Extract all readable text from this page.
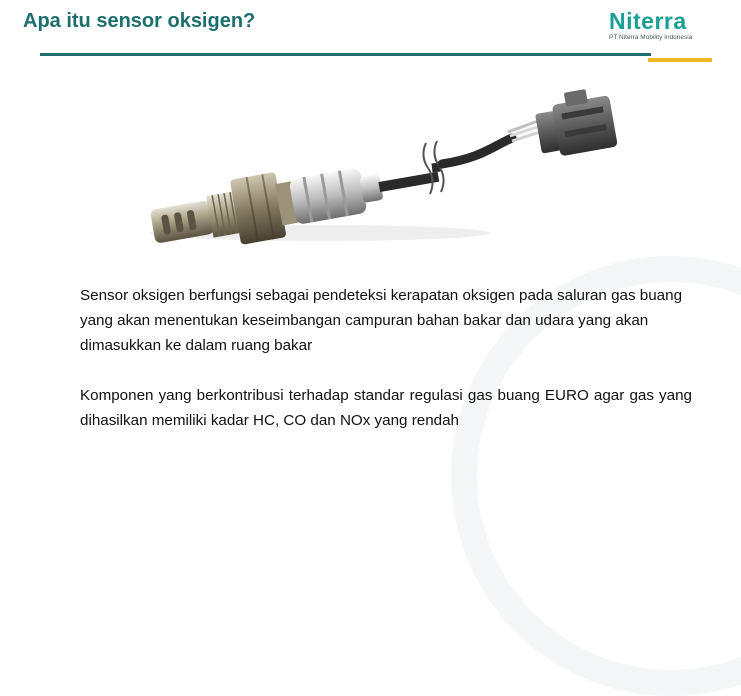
Apa itu sensor oksigen?	Niterra
PT Niterra Mobility Indonesia

Sensor oksigen berfungsi sebagai pendeteksi kerapatan oksigen pada saluran gas buang yang akan menentukan keseimbangan campuran bahan bakar dan udara yang akan dimasukkan ke dalam ruang bakar

Komponen yang berkontribusi terhadap standar regulasi gas buang EURO agar gas yang dihasilkan memiliki kadar HC, CO dan NOx yang rendah
